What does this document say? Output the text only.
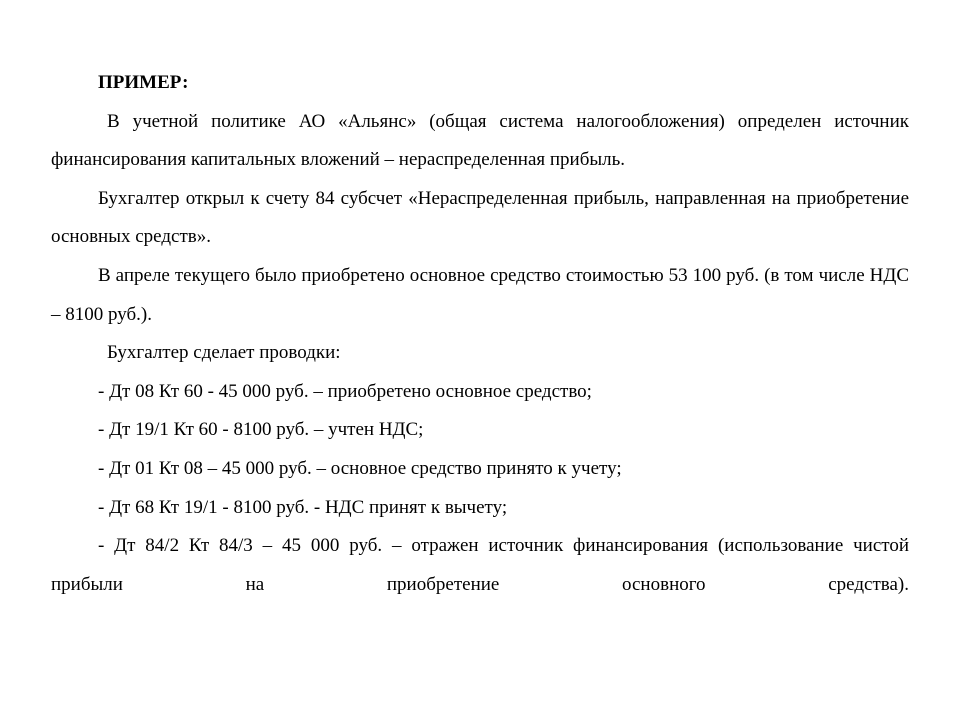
ПРИМЕР:

В учетной политике АО «Альянс» (общая система налогообложения) определен источник финансирования капитальных вложений – нераспределенная прибыль.

Бухгалтер открыл к счету 84 субсчет «Нераспределенная прибыль, направленная на приобретение основных средств».

В апреле текущего было приобретено основное средство стоимостью 53 100 руб. (в том числе НДС – 8100 руб.).

Бухгалтер сделает проводки:

- Дт 08 Кт 60 - 45 000 руб. – приобретено основное средство;

- Дт 19/1 Кт 60 - 8100 руб. – учтен НДС;

- Дт 01 Кт 08 – 45 000 руб. – основное средство принято к учету;

- Дт 68 Кт 19/1 - 8100 руб. - НДС принят к вычету;

- Дт 84/2 Кт 84/3 – 45 000 руб. – отражен источник финансирования (использование чистой прибыли на приобретение основного средства).
